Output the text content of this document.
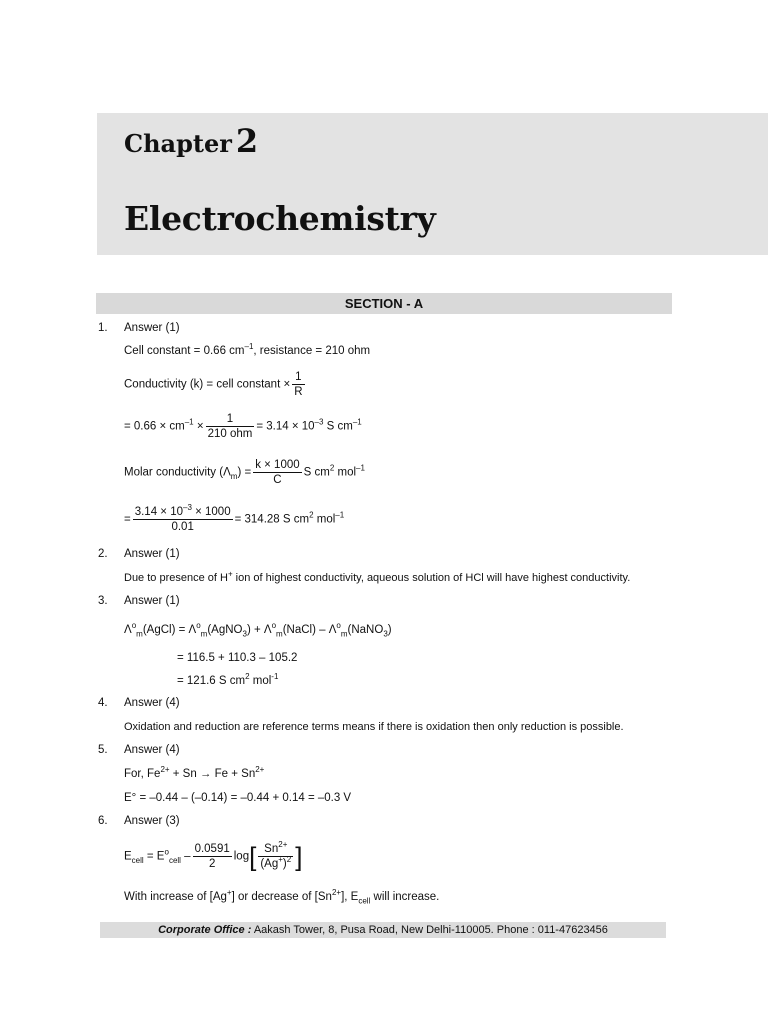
Chapter 2
Electrochemistry
SECTION - A
1. Answer (1)
Cell constant = 0.66 $cm^{-1}$, resistance = 210 ohm
Conductivity (k) = cell constant × $\frac{1}{R}$
= $0.66 \times cm^{-1} \times \frac{1}{\text{210 ohm}} = 3.14 \times 10^{-3}$ S $cm^{-1}$
Molar conductivity $(\Lambda_m) = \frac{k \times 1000}{C}$ S $cm^2$ mol$^{-1}$
= $\frac{3.14 \times 10^{-3} \times 1000}{0.01} = 314.28$ S $cm^2$ mol$^{-1}$
2. Answer (1)
Due to presence of H+ ion of highest conductivity, aqueous solution of HCl will have highest conductivity.
3. Answer (1)
$\Lambda^o_m(AgCl)$ = $\Lambda^o_m(AgNO_3)$ + $\Lambda^o_m(NaCl)$ – $\Lambda^o_m(NaNO_3)$
= 116.5 + 110.3 – 105.2
= 121.6 S $cm^2$ mol$^{-1}$
4. Answer (4)
Oxidation and reduction are reference terms means if there is oxidation then only reduction is possible.
5. Answer (4)
For, $Fe^{2+} + Sn \to Fe + Sn^{2+}$
E° = –0.44 – (–0.14) = –0.44 + 0.14 = –0.3 V
6. Answer (3)
$E_{cell} = E^o_{cell} - \frac{0.0591}{2} \log[ \frac{Sn^{2+}}{(Ag^+)^2}$ ]
With increase of [Ag+] or decrease of $[Sn^{2+}]$, $E_{cell}$ will increase.
Corporate Office : Aakash Tower, 8, Pusa Road, New Delhi-110005. Phone : 011-47623456
